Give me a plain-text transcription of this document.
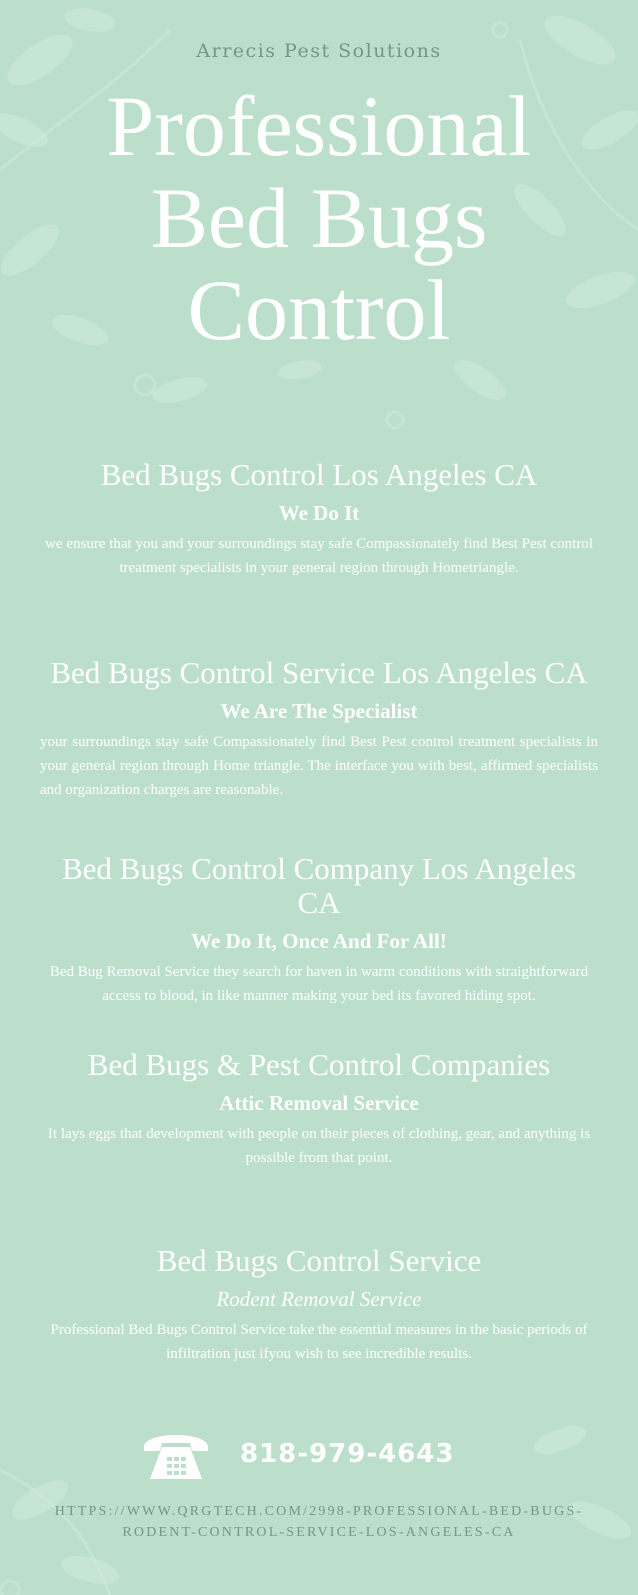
Arrecis Pest Solutions
Professional
Bed Bugs
Control
Bed Bugs Control Los Angeles CA
We Do It

we ensure that you and your surroundings stay safe Compassionately find Best Pest control treatment specialists in your general region through Hometriangle.

Bed Bugs Control Service Los Angeles CA
We Are The Specialist

your surroundings stay safe Compassionately find Best Pest control treatment specialists in your general region through Home triangle. The interface you with best, affirmed specialists and organization charges are reasonable.

Bed Bugs Control Company Los Angeles CA
We Do It, Once And For All!

Bed Bug Removal Service they search for haven in warm conditions with straightforward access to blood, in like manner making your bed its favored hiding spot.

Bed Bugs & Pest Control Companies
Attic Removal Service

It lays eggs that development with people on their pieces of clothing, gear, and anything is possible from that point.

Bed Bugs Control Service
Rodent Removal Service

Professional Bed Bugs Control Service take the essential measures in the basic periods of infiltration just ifyou wish to see incredible results.

818-979-4643
HTTPS://WWW.QRGTECH.COM/2998-PROFESSIONAL-BED-BUGS-RODENT-CONTROL-SERVICE-LOS-ANGELES-CA
